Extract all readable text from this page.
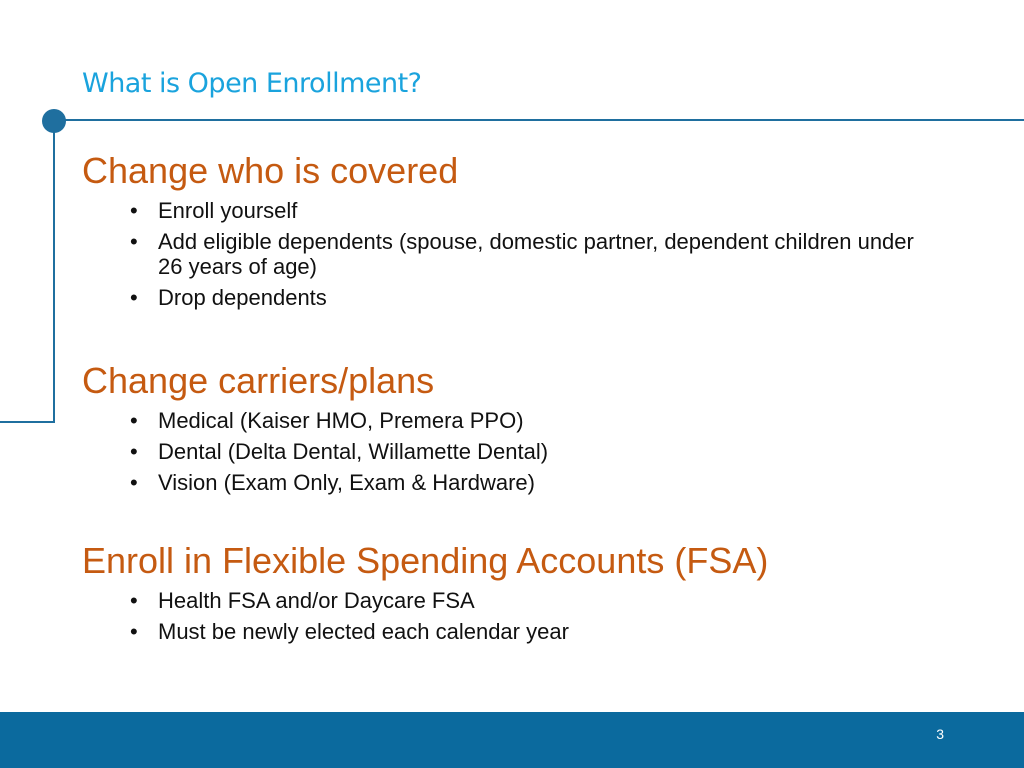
What is Open Enrollment?
Change who is covered
• Enroll yourself
• Add eligible dependents (spouse, domestic partner, dependent children under 26 years of age)
• Drop dependents
Change carriers/plans
• Medical (Kaiser HMO, Premera PPO)
• Dental (Delta Dental, Willamette Dental)
• Vision (Exam Only, Exam & Hardware)
Enroll in Flexible Spending Accounts (FSA)
• Health FSA and/or Daycare FSA
• Must be newly elected each calendar year
3
